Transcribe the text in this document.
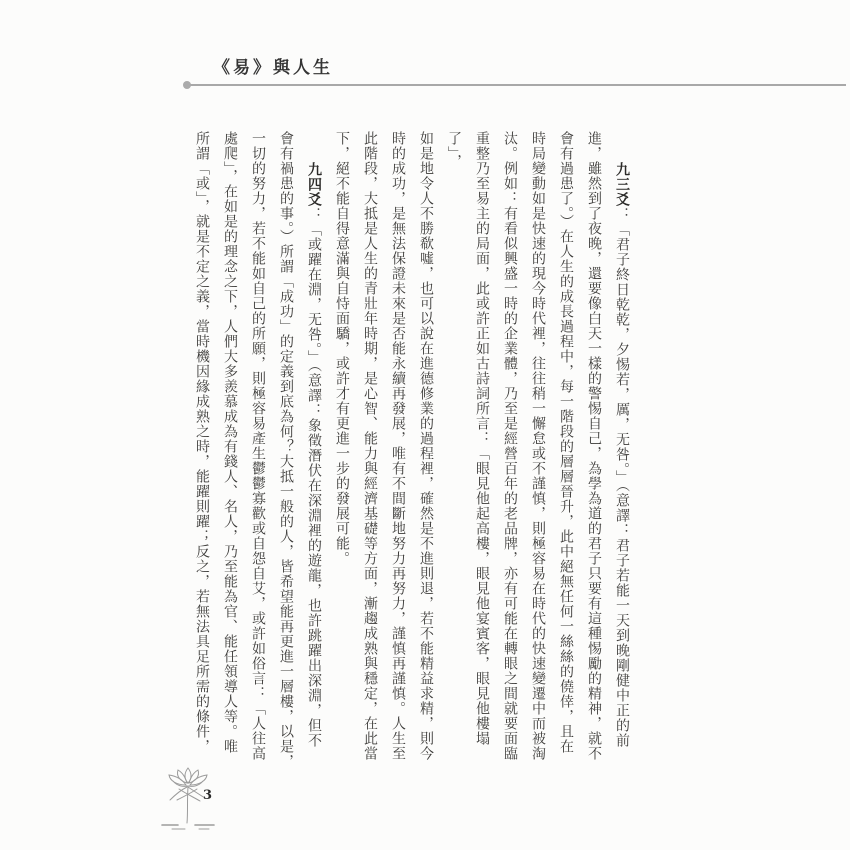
《易》與人生
九三爻：「君子終日乾乾，夕惕若，厲，无咎。」（意譯：君子若能一天到晚剛健中正的前
進，雖然到了夜晚，還要像白天一樣的警惕自己，為學為道的君子只要有這種惕勵的精神，就不
會有過患了。）在人生的成長過程中，每一階段的層層晉升，此中絕無任何一絲絲的僥倖，且在
時局變動如是快速的現今時代裡，往往稍一懈怠或不謹慎，則極容易在時代的快速變遷中而被淘
汰。例如：有看似興盛一時的企業體，乃至是經營百年的老品牌，亦有可能在轉眼之間就要面臨
重整乃至易主的局面，此或許正如古詩詞所言：「眼見他起高樓，眼見他宴賓客，眼見他樓塌了」，
如是地令人不勝欷噓，也可以說在進德修業的過程裡，確然是不進則退，若不能精益求精，則今
時的成功，是無法保證未來是否能永續再發展，唯有不間斷地努力再努力，謹慎再謹慎。人生至
此階段，大抵是人生的青壯年時期，是心智、能力與經濟基礎等方面，漸趨成熟與穩定，在此當
下，絕不能自得意滿與自恃面驕，或許才有更進一步的發展可能。
九四爻：「或躍在淵，无咎。」（意譯：象徵潛伏在深淵裡的遊龍，也許跳躍出深淵，但不
會有禍患的事。）所謂「成功」的定義到底為何？大抵一般的人，皆希望能再更進一層樓，以是，
一切的努力，若不能如自己的所願，則極容易產生鬱鬱寡歡或自怨自艾，或許如俗言：「人往高
處爬」，在如是的理念之下，人們大多羨慕成為有錢人、名人，乃至能為官、能任領導人等。唯
所謂「或」，就是不定之義，當時機因緣成熟之時，能躍則躍；反之，若無法具足所需的條件，
3
